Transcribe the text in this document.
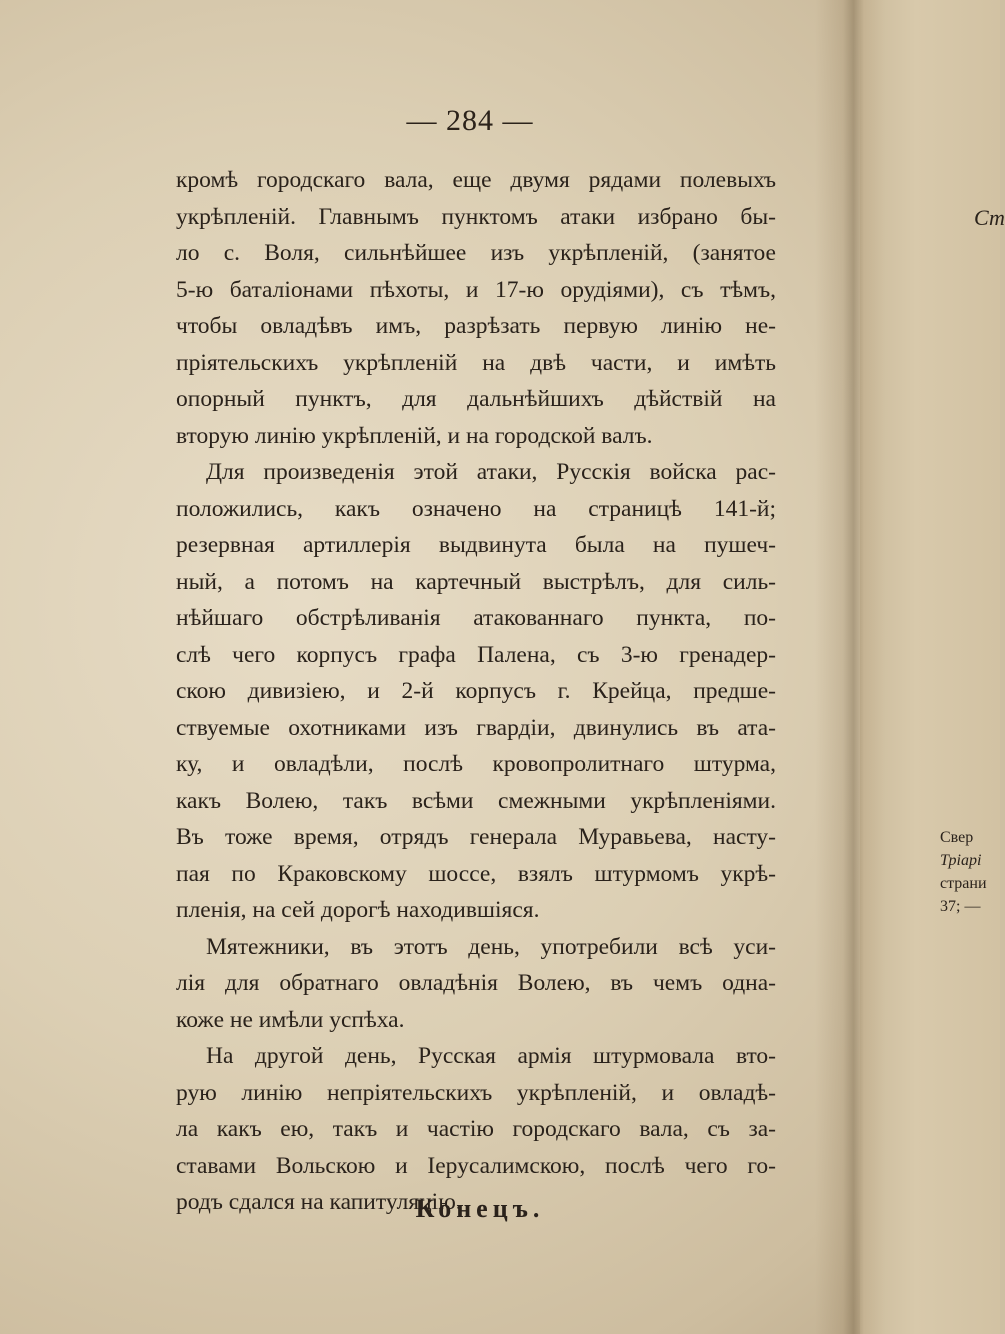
— 284 —
кромѣ городскаго вала, еще двумя рядами полевыхъ
укрѣпленій. Главнымъ пунктомъ атаки избрано бы-
ло с. Воля, сильнѣйшее изъ укрѣпленій, (занятое
5-ю баталіонами пѣхоты, и 17-ю орудіями), съ тѣмъ,
чтобы овладѣвъ имъ, разрѣзать первую линію не-
пріятельскихъ укрѣпленій на двѣ части, и имѣть
опорный пунктъ, для дальнѣйшихъ дѣйствій на
вторую линію укрѣпленій, и на городской валъ.
Для произведенія этой атаки, Русскія войска рас-
положились, какъ означено на страницѣ 141-й;
резервная артиллерія выдвинута была на пушеч-
ный, а потомъ на картечный выстрѣлъ, для силь-
нѣйшаго обстрѣливанія атакованнаго пункта, по-
слѣ чего корпусъ графа Палена, съ 3-ю гренадер-
скою дивизіею, и 2-й корпусъ г. Крейца, предше-
ствуемые охотниками изъ гвардіи, двинулись въ ата-
ку, и овладѣли, послѣ кровопролитнаго штурма,
какъ Волею, такъ всѣми смежными укрѣпленіями.
Въ тоже время, отрядъ генерала Муравьева, насту-
пая по Краковскому шоссе, взялъ штурмомъ укрѣ-
пленія, на сей дорогѣ находившіяся.
Мятежники, въ этотъ день, употребили всѣ уси-
лія для обратнаго овладѣнія Волею, въ чемъ одна-
кожe не имѣли успѣха.
На другой день, Русская армія штурмовала вто-
рую линію непріятельскихъ укрѣпленій, и овладѣ-
ла какъ ею, такъ и частію городскаго вала, съ за-
ставами Вольскою и Іерусалимскою, послѣ чего го-
родъ сдался на капитуляцію.
Конецъ.
Ст
Свер
Тріарі
страни
37; —
